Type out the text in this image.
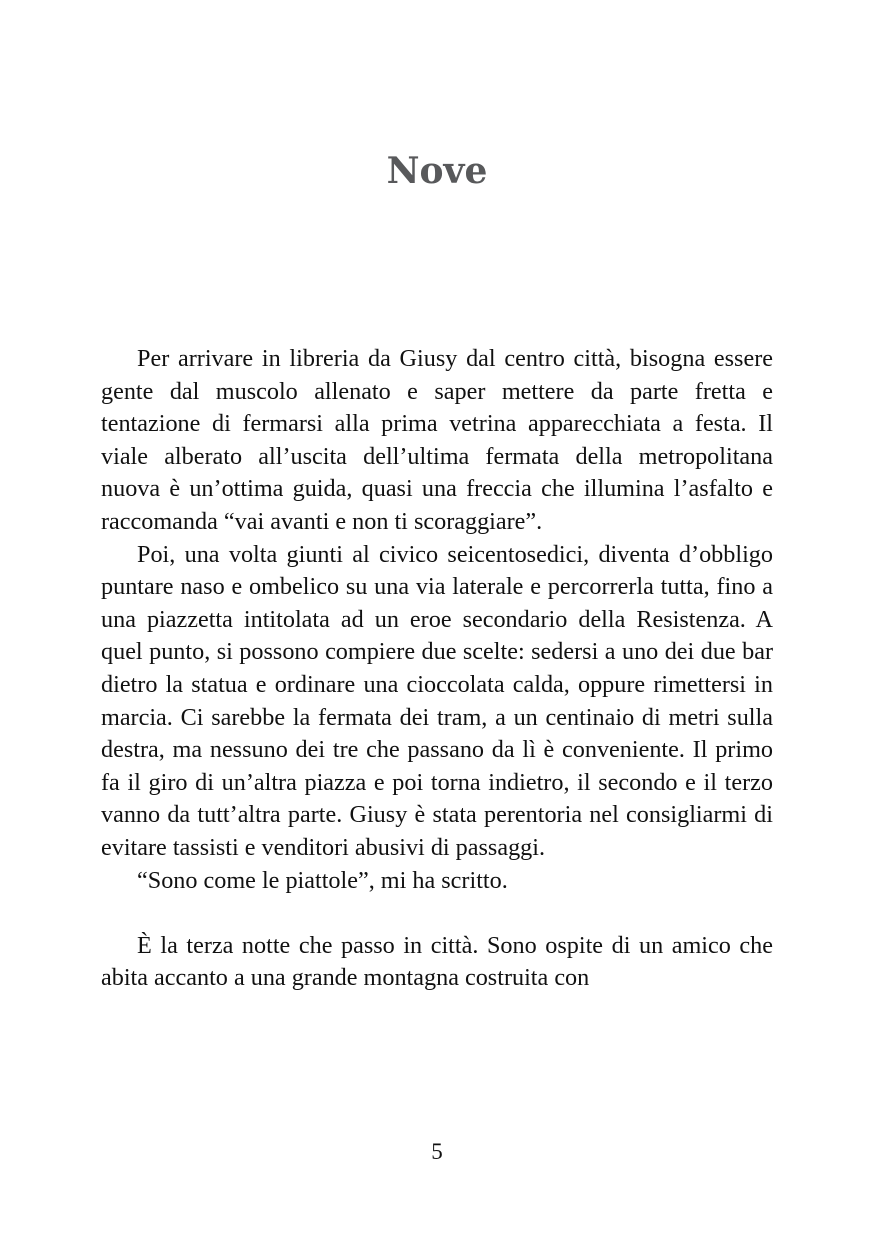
Nove

Per arrivare in libreria da Giusy dal centro città, bisogna essere gente dal muscolo allenato e saper mettere da parte fretta e tentazione di fermarsi alla prima vetrina apparecchiata a festa. Il viale alberato all’uscita dell’ultima fermata della metropolitana nuova è un’ottima guida, quasi una freccia che illumina l’asfalto e raccomanda “vai avanti e non ti scoraggiare”.

Poi, una volta giunti al civico seicentosedici, diventa d’obbligo puntare naso e ombelico su una via laterale e percorrerla tutta, fino a una piazzetta intitolata ad un eroe secondario della Resistenza. A quel punto, si possono compiere due scelte: sedersi a uno dei due bar dietro la statua e ordinare una cioccolata calda, oppure rimettersi in marcia. Ci sarebbe la fermata dei tram, a un centinaio di metri sulla destra, ma nessuno dei tre che passano da lì è conveniente. Il primo fa il giro di un’altra piazza e poi torna indietro, il secondo e il terzo vanno da tutt’altra parte. Giusy è stata perentoria nel consigliarmi di evitare tassisti e venditori abusivi di passaggi.

“Sono come le piattole”, mi ha scritto.

È la terza notte che passo in città. Sono ospite di un amico che abita accanto a una grande montagna costruita con

5
